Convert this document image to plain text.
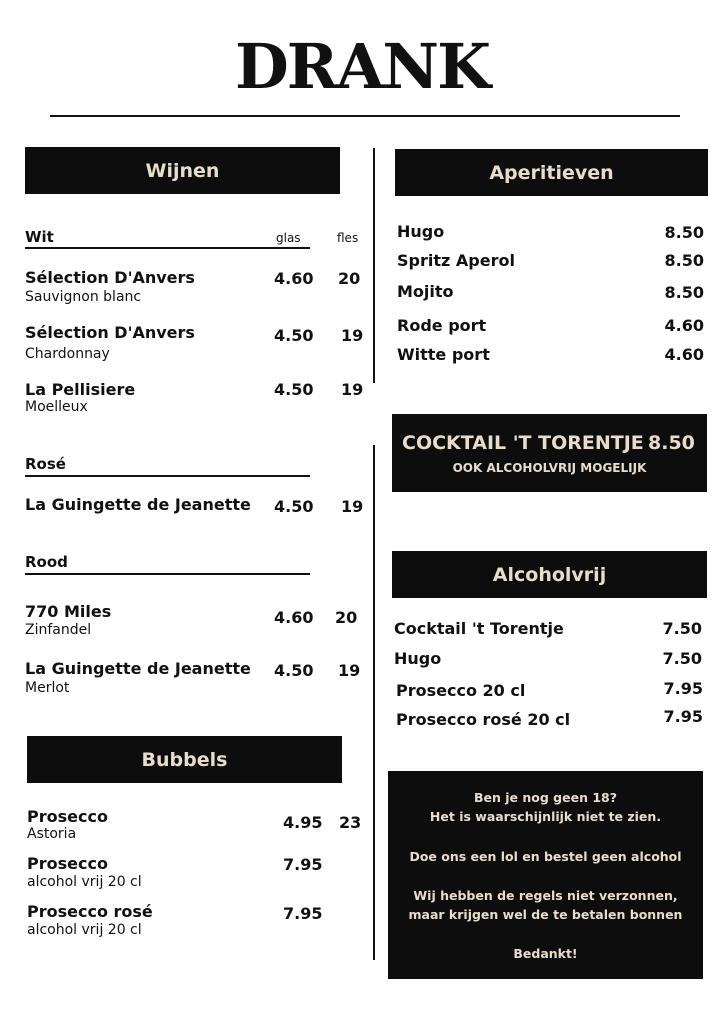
DRANK
Wijnen
Wit	glas	fles
Sélection D'Anvers
Sauvignon blanc
4.60 20
Sélection D'Anvers
Chardonnay
4.50 19
La Pellisiere
Moelleux
4.50 19
Rosé
La Guingette de Jeanette 4.50 19
Rood
770 Miles
Zinfandel
4.60 20
La Guingette de Jeanette
Merlot
4.50 19
Bubbels
Prosecco
Astoria
4.95 23
Prosecco
alcohol vrij 20 cl
7.95
Prosecco rosé
alcohol vrij 20 cl
7.95
Aperitieven
Hugo	8.50
Spritz Aperol	8.50
Mojito	8.50
Rode port	4.60
Witte port	4.60
COCKTAIL 'T TORENTJE 8.50
OOK ALCOHOLVRIJ MOGELIJK
Alcoholvrij
Cocktail 't Torentje	7.50
Hugo	7.50
Prosecco 20 cl	7.95
Prosecco rosé 20 cl	7.95
Ben je nog geen 18?
Het is waarschijnlijk niet te zien.
Doe ons een lol en bestel geen alcohol
Wij hebben de regels niet verzonnen,
maar krijgen wel de te betalen bonnen
Bedankt!
